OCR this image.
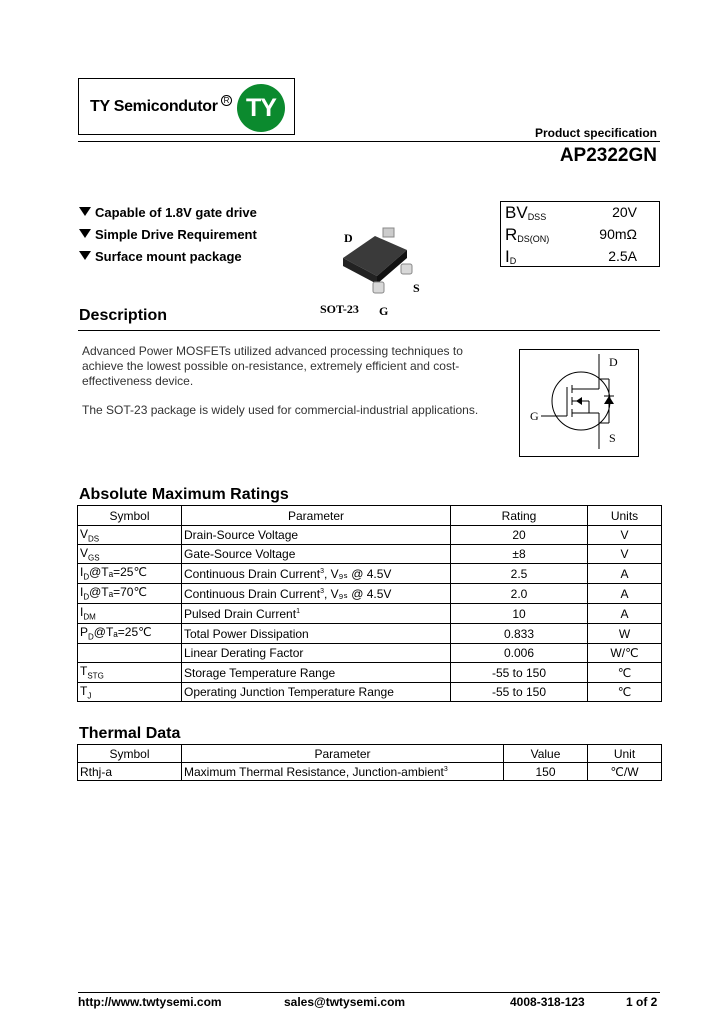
TY Semicondutor R TY
Product specification
AP2322GN
Capable of 1.8V gate drive
Simple Drive Requirement
Surface mount package
D
S
SOT-23 G
$BV_{DSS}$	20V
$R_{DS(ON)}$	90mΩ
$I_D$	2.5A
Description
Advanced Power MOSFETs utilized advanced processing techniques to achieve the lowest possible on-resistance, extremely efficient and cost-effectiveness device.
The SOT-23 package is widely used for commercial-industrial applications.
D
G
S
Absolute Maximum Ratings
Symbol	Parameter	Rating	Units
$V_{DS}$	Drain-Source Voltage	20	V
$V_{GS}$	Gate-Source Voltage	±8	V
$I_D@T_a=25℃$	Continuous Drain Current$^3$, V₉ₛ @ 4.5V	2.5	A
$I_D@T_a=70℃$	Continuous Drain Current$^3$, V₉ₛ @ 4.5V	2.0	A
$I_{DM}$	Pulsed Drain Current$^1$	10	A
$P_D@T_a=25℃$	Total Power Dissipation	0.833	W
	Linear Derating Factor	0.006	W/℃
$T_{STG}$	Storage Temperature Range	-55 to 150	℃
$T_J$	Operating Junction Temperature Range	-55 to 150	℃
Thermal Data
Symbol	Parameter	Value	Unit
Rthj-a	Maximum Thermal Resistance, Junction-ambient$^3$	150	℃/W
http://www.twtysemi.com	sales@twtysemi.com	4008-318-123	1 of 2
